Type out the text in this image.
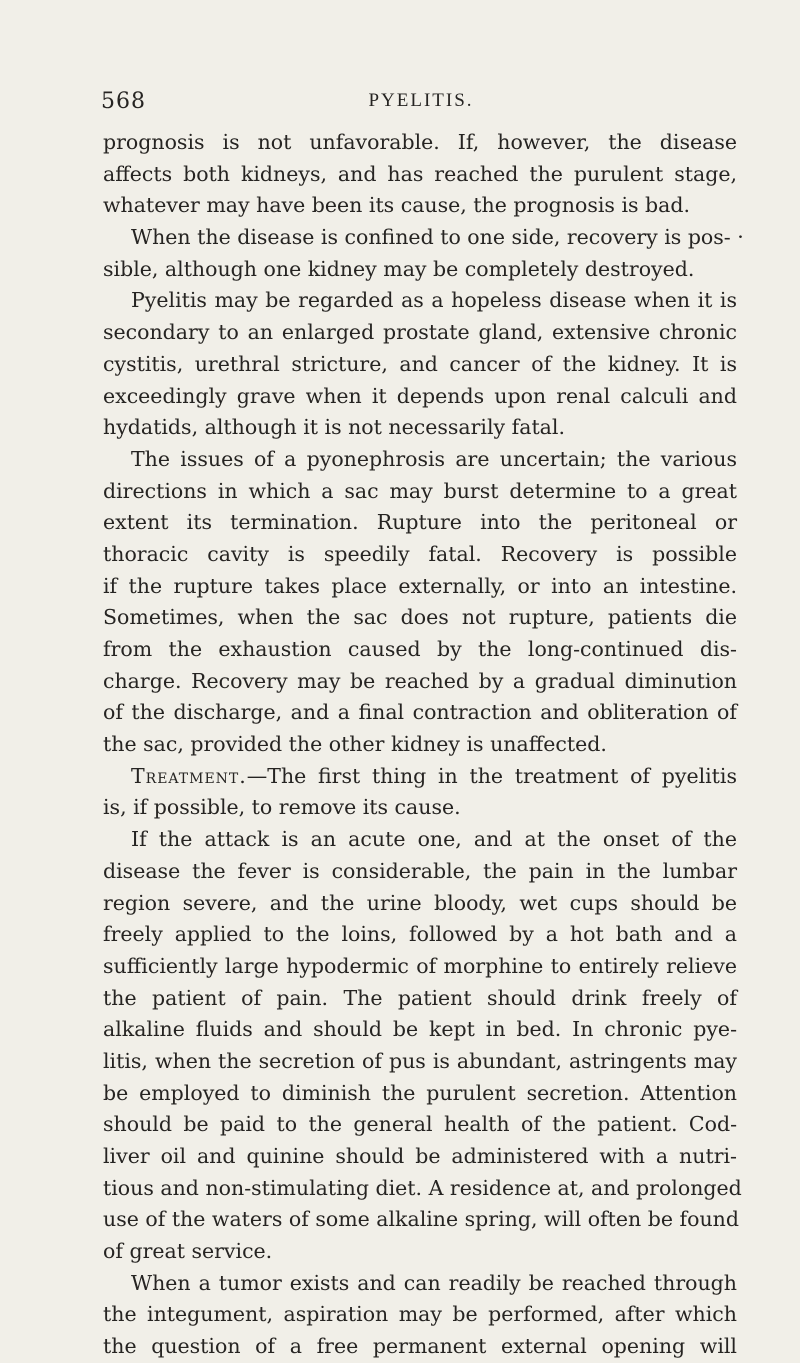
568	PYELITIS.
prognosis is not unfavorable. If, however, the disease
affects both kidneys, and has reached the purulent stage,
whatever may have been its cause, the prognosis is bad.
When the disease is confined to one side, recovery is pos- ·
sible, although one kidney may be completely destroyed.
Pyelitis may be regarded as a hopeless disease when it is
secondary to an enlarged prostate gland, extensive chronic
cystitis, urethral stricture, and cancer of the kidney. It is
exceedingly grave when it depends upon renal calculi and
hydatids, although it is not necessarily fatal.
The issues of a pyonephrosis are uncertain; the various
directions in which a sac may burst determine to a great
extent its termination. Rupture into the peritoneal or
thoracic cavity is speedily fatal. Recovery is possible
if the rupture takes place externally, or into an intestine.
Sometimes, when the sac does not rupture, patients die
from the exhaustion caused by the long-continued dis-
charge. Recovery may be reached by a gradual diminution
of the discharge, and a final contraction and obliteration of
the sac, provided the other kidney is unaffected.
Treatment.—The first thing in the treatment of pyelitis
is, if possible, to remove its cause.
If the attack is an acute one, and at the onset of the
disease the fever is considerable, the pain in the lumbar
region severe, and the urine bloody, wet cups should be
freely applied to the loins, followed by a hot bath and a
sufficiently large hypodermic of morphine to entirely relieve
the patient of pain. The patient should drink freely of
alkaline fluids and should be kept in bed. In chronic pye-
litis, when the secretion of pus is abundant, astringents may
be employed to diminish the purulent secretion. Attention
should be paid to the general health of the patient. Cod-
liver oil and quinine should be administered with a nutri-
tious and non-stimulating diet. A residence at, and prolonged
use of the waters of some alkaline spring, will often be found
of great service.
When a tumor exists and can readily be reached through
the integument, aspiration may be performed, after which
the question of a free permanent external opening will
